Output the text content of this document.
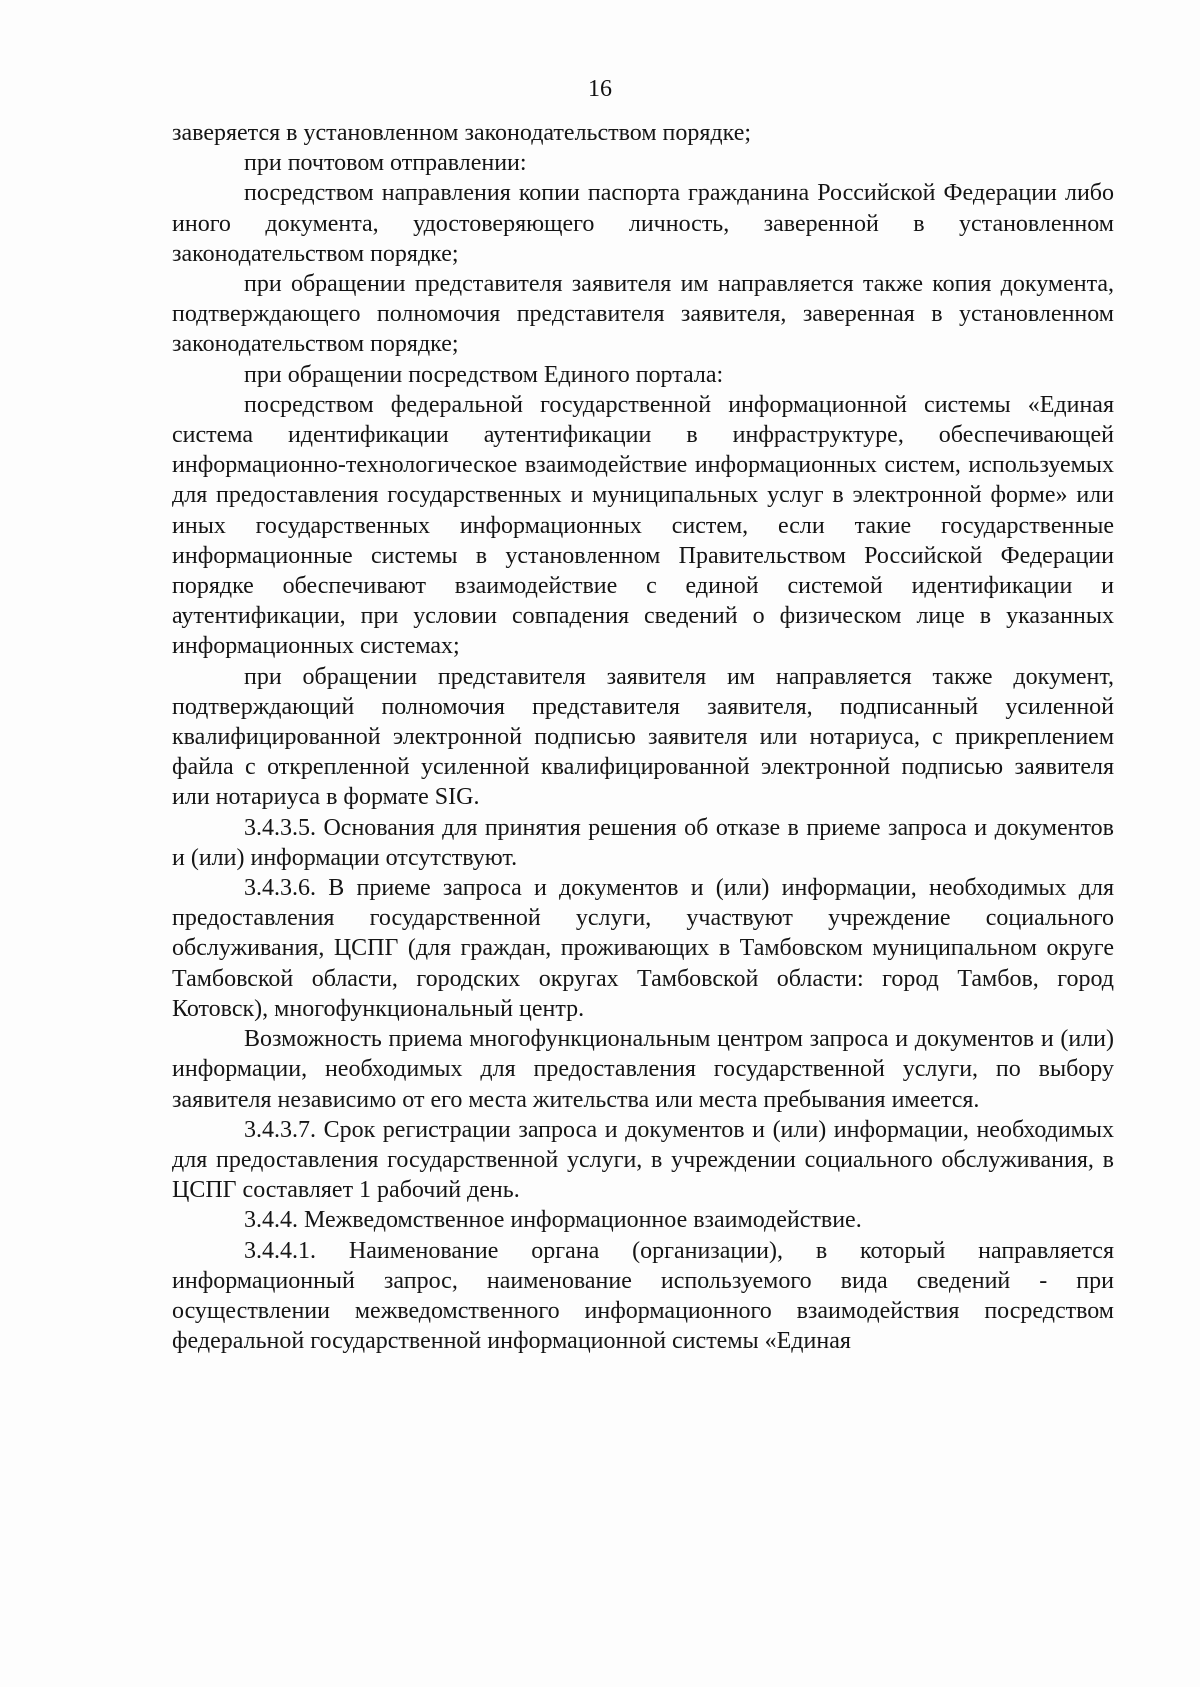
16

заверяется в установленном законодательством порядке;

при почтовом отправлении:

посредством направления копии паспорта гражданина Российской Федерации либо иного документа, удостоверяющего личность, заверенной в установленном законодательством порядке;

при обращении представителя заявителя им направляется также копия документа, подтверждающего полномочия представителя заявителя, заверенная в установленном законодательством порядке;

при обращении посредством Единого портала:

посредством федеральной государственной информационной системы «Единая система идентификации аутентификации в инфраструктуре, обеспечивающей информационно-технологическое взаимодействие информационных систем, используемых для предоставления государственных и муниципальных услуг в электронной форме» или иных государственных информационных систем, если такие государственные информационные системы в установленном Правительством Российской Федерации порядке обеспечивают взаимодействие с единой системой идентификации и аутентификации, при условии совпадения сведений о физическом лице в указанных информационных системах;

при обращении представителя заявителя им направляется также документ, подтверждающий полномочия представителя заявителя, подписанный усиленной квалифицированной электронной подписью заявителя или нотариуса, с прикреплением файла с открепленной усиленной квалифицированной электронной подписью заявителя или нотариуса в формате SIG.

3.4.3.5. Основания для принятия решения об отказе в приеме запроса и документов и (или) информации отсутствуют.

3.4.3.6. В приеме запроса и документов и (или) информации, необходимых для предоставления государственной услуги, участвуют учреждение социального обслуживания, ЦСПГ (для граждан, проживающих в Тамбовском муниципальном округе Тамбовской области, городских округах Тамбовской области: город Тамбов, город Котовск), многофункциональный центр.

Возможность приема многофункциональным центром запроса и документов и (или) информации, необходимых для предоставления государственной услуги, по выбору заявителя независимо от его места жительства или места пребывания имеется.

3.4.3.7. Срок регистрации запроса и документов и (или) информации, необходимых для предоставления государственной услуги, в учреждении социального обслуживания, в ЦСПГ составляет 1 рабочий день.

3.4.4. Межведомственное информационное взаимодействие.

3.4.4.1. Наименование органа (организации), в который направляется информационный запрос, наименование используемого вида сведений - при осуществлении межведомственного информационного взаимодействия посредством федеральной государственной информационной системы «Единая
